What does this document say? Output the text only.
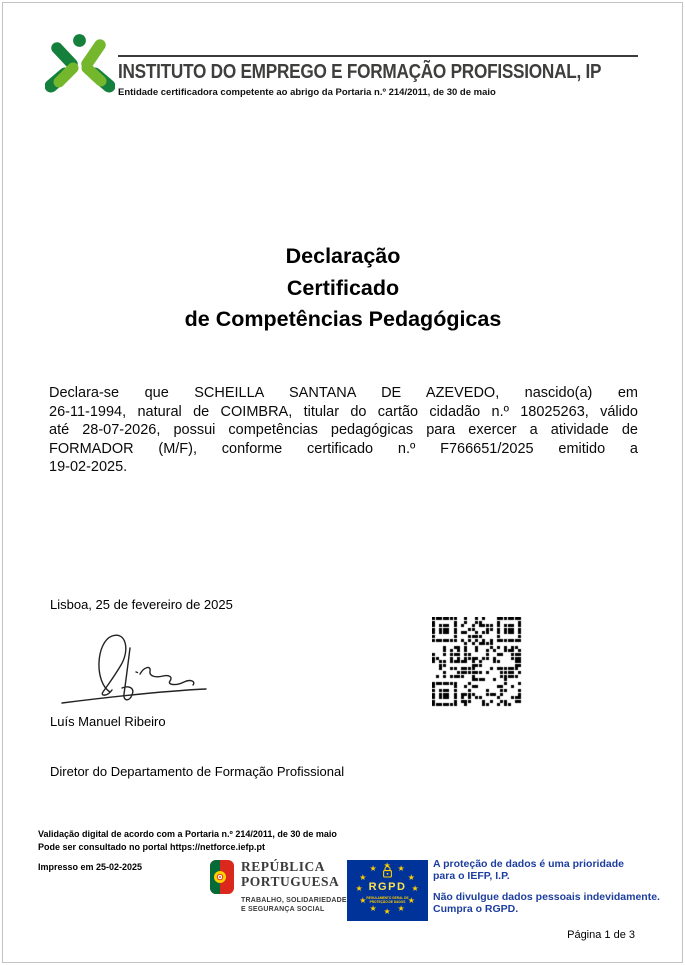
INSTITUTO DO EMPREGO E FORMAÇÃO PROFISSIONAL, IP
Entidade certificadora competente ao abrigo da Portaria n.º 214/2011, de 30 de maio
Declaração
Certificado
de Competências Pedagógicas
Declara-se que SCHEILLA SANTANA DE AZEVEDO, nascido(a) em
26-11-1994, natural de COIMBRA, titular do cartão cidadão n.º 18025263, válido
até 28-07-2026, possui competências pedagógicas para exercer a atividade de
FORMADOR (M/F), conforme certificado n.º F766651/2025 emitido a
19-02-2025.
Lisboa, 25 de fevereiro de 2025
Luís Manuel Ribeiro
Diretor do Departamento de Formação Profissional
Validação digital de acordo com a Portaria n.º 214/2011, de 30 de maio
Pode ser consultado no portal https://netforce.iefp.pt
Impresso em 25-02-2025	REPÚBLICA
PORTUGUESA
TRABALHO, SOLIDARIEDADE
E SEGURANÇA SOCIAL
★ ★
★
★
★
★
★
★
★
★
★
★
RGPD
REGULAMENTO GERAL DE
PROTEÇÃO DE DADOS
A proteção de dados é uma prioridade
para o IEFP, I.P.
Não divulgue dados pessoais indevidamente.
Cumpra o RGPD.
Página 1 de 3
